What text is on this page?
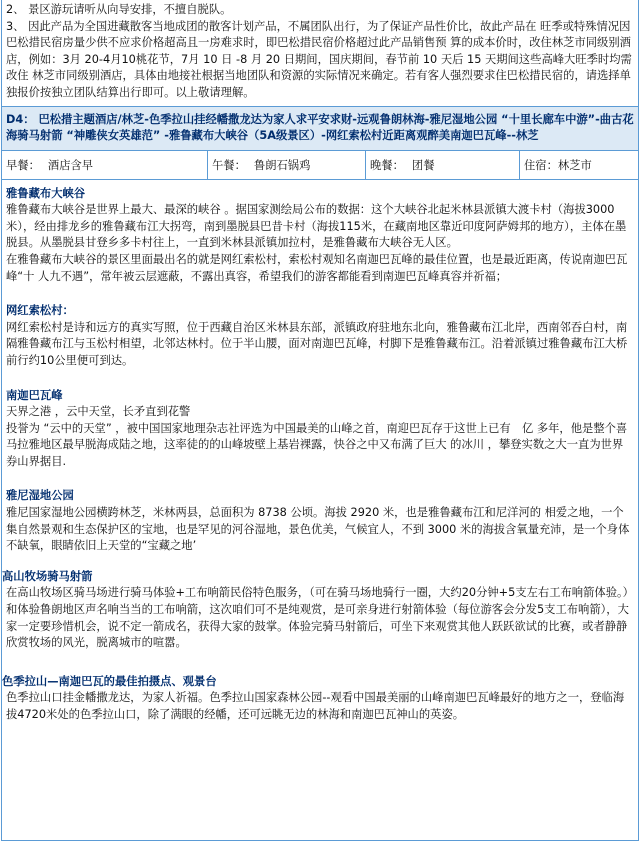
2、 景区游玩请听从向导安排，不擅自脱队。

3、 因此产品为全国进藏散客当地成团的散客计划产品，不属团队出行，为了保证产品性价比，故此产品在 旺季或特殊情况因巴松措民宿房量少供不应求价格超高且一房难求时，即巴松措民宿价格超过此产品销售预 算的成本价时，改住林芝市同级别酒店，例如：3月 20-4月10桃花节，7月 10 日 -8 月 20 日期间，国庆期间，春节前 10 天后 15 天期间这些高峰大旺季时均需改住 林芝市同级别酒店，具体由地接社根据当地团队和资源的实际情况来确定。若有客人强烈要求住巴松措民宿的，请选择单独报价按独立团队结算出行即可。以上敬请理解。

D4： 巴松措主题酒店/林芝-色季拉山挂经幡撒龙达为家人求平安求财-远观鲁朗林海-雅尼湿地公园 “十里长廊车中游”-曲古花海骑马射箭 “神雕侠女英雄范” -雅鲁藏布大峡谷（5A级景区）-网红索松村近距离观醉美南迦巴瓦峰--林芝
早餐： 酒店含早	午餐： 鲁朗石锅鸡	晚餐： 团餐	住宿： 林芝市

雅鲁藏布大峡谷

雅鲁藏布大峡谷是世界上最大、最深的峡谷 。据国家测绘局公布的数据：这个大峡谷北起米林县派镇大渡卡村（海拔3000米），经由排龙乡的雅鲁藏布江大拐弯，南到墨脱县巴昔卡村（海拔115米，在藏南地区靠近印度阿萨姆邦的地方），主体在墨脱县。从墨脱县甘登乡多卡村往上，一直到米林县派镇加拉村，是雅鲁藏布大峡谷无人区。

在雅鲁藏布大峡谷的景区里面最出名的就是网红索松村，索松村观知名南迦巴瓦峰的最佳位置，也是最近距离，传说南迦巴瓦峰“十 人九不遇”，常年被云层遮蔽，不露出真容，希望我们的游客都能看到南迦巴瓦峰真容并祈福；

网红索松村：

网红索松村是诗和远方的真实写照，位于西藏自治区米林县东部，派镇政府驻地东北向，雅鲁藏布江北岸，西南邻吞白村，南隔雅鲁藏布江与玉松村相望，北邻达林村。位于半山腰，面对南迦巴瓦峰，村脚下是雅鲁藏布江。沿着派镇过雅鲁藏布江大桥前行约10公里便可到达。

南迦巴瓦峰

天界之港 ，云中天堂，长矛直到花警

投誉为 “云中的天堂” ，被中国国家地理杂志社评选为中国最美的山峰之首，南迎巴瓦存于这世上已有　亿 多年，他是整个喜马拉雅地区最早脱海成陆之地，这率徒的的山峰坡壁上基岩裸露，快谷之中又布满了巨大 的冰川 ，攀登实数之大一直为世界券山界据目.

雅尼湿地公园

雅尼国家湿地公园横跨林芝，米林两县，总面积为 8738 公顷。海拔 2920 米，也是雅鲁藏布江和尼洋河的 相爱之地，一个集自然景观和生态保护区的宝地，也是罕见的河谷湿地，景色优美，气候宜人，不到 3000 米的海拔含氧量充沛，是一个身体不缺氧，眼睛依旧上天堂的“宝藏之地’

高山牧场骑马射箭

在高山牧场区骑马场进行骑马体验+工布响箭民俗特色服务，（可在骑马场地骑行一圈，大约20分钟+5支左右工布响箭体验。）和体验鲁朗地区声名响当当的工布响箭，这次咱们可不是纯观赏，是可亲身进行射箭体验（每位游客会分发5支工布响箭），大家一定要珍惜机会，说不定一箭成名，获得大家的鼓掌。体验完骑马射箭后，可坐下来观赏其他人跃跃欲试的比赛，或者静静欣赏牧场的风光，脱离城市的喧嚣。

色季拉山—南迦巴瓦的最佳拍摄点、观景台

色季拉山口挂金幡撒龙达，为家人祈福。色季拉山国家森林公园--观看中国最美丽的山峰南迦巴瓦峰最好的地方之一，登临海拔4720米处的色季拉山口，除了满眼的经幡，还可远眺无边的林海和南迦巴瓦神山的英姿。
